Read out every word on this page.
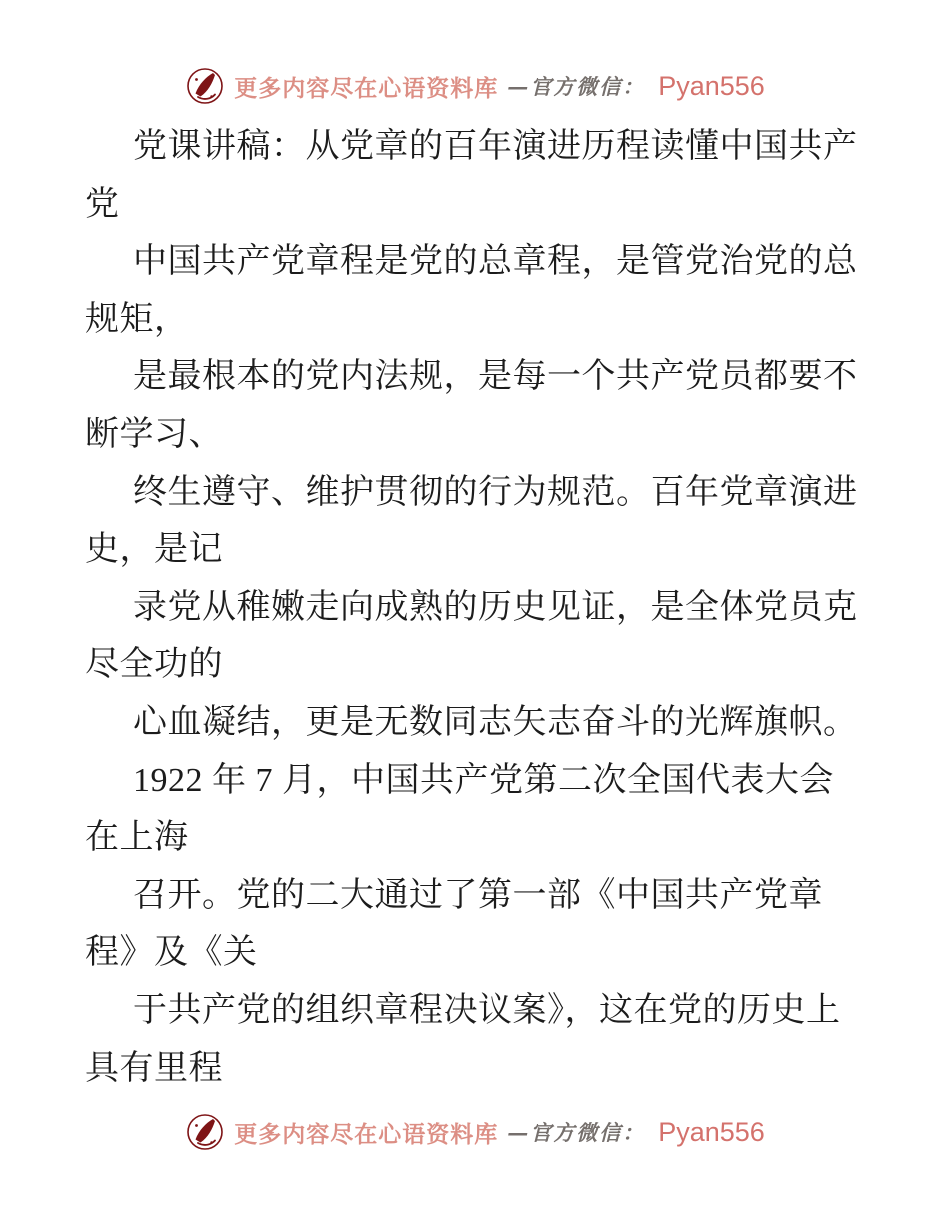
更多内容尽在心语资料库 —官方微信： Pyan556
党课讲稿：从党章的百年演进历程读懂中国共产
党
中国共产党章程是党的总章程，是管党治党的总
规矩，
是最根本的党内法规，是每一个共产党员都要不
断学习、
终生遵守、维护贯彻的行为规范。百年党章演进
史，是记
录党从稚嫩走向成熟的历史见证，是全体党员克
尽全功的
心血凝结，更是无数同志矢志奋斗的光辉旗帜。
1922 年 7 月，中国共产党第二次全国代表大会
在上海
召开。党的二大通过了第一部《中国共产党章
程》及《关
于共产党的组织章程决议案》，这在党的历史上
具有里程
更多内容尽在心语资料库 —官方微信： Pyan556
